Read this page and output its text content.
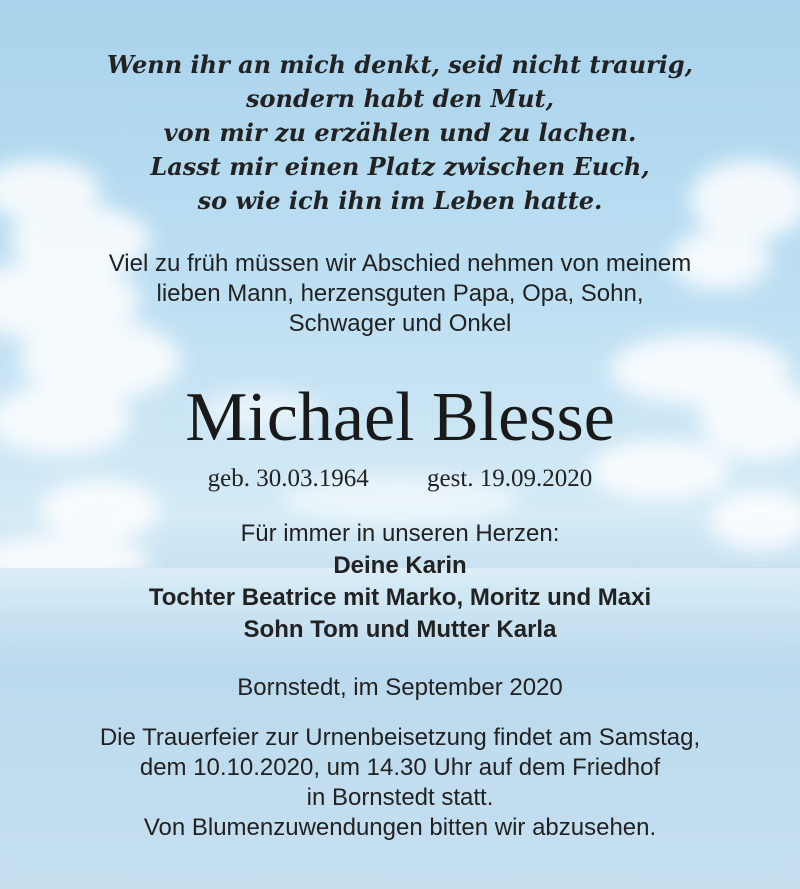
Wenn ihr an mich denkt, seid nicht traurig,
sondern habt den Mut,
von mir zu erzählen und zu lachen.
Lasst mir einen Platz zwischen Euch,
so wie ich ihn im Leben hatte.
Viel zu früh müssen wir Abschied nehmen von meinem
lieben Mann, herzensguten Papa, Opa, Sohn,
Schwager und Onkel
Michael Blesse
geb. 30.03.1964 gest. 19.09.2020
Für immer in unseren Herzen:
Deine Karin
Tochter Beatrice mit Marko, Moritz und Maxi
Sohn Tom und Mutter Karla
Bornstedt, im September 2020
Die Trauerfeier zur Urnenbeisetzung findet am Samstag,
dem 10.10.2020, um 14.30 Uhr auf dem Friedhof
in Bornstedt statt.
Von Blumenzuwendungen bitten wir abzusehen.
